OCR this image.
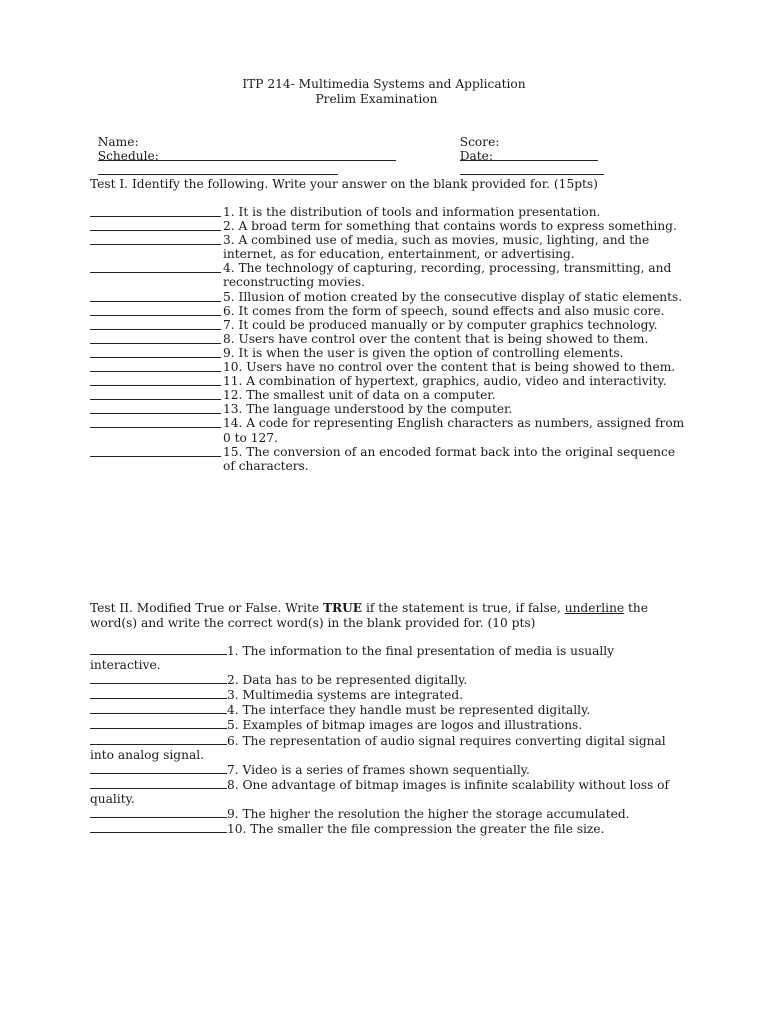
ITP 214- Multimedia Systems and Application
Prelim Examination

Name:
	Score:

Schedule:
	Date:

Test I. Identify the following. Write your answer on the blank provided for. (15pts)
1. It is the distribution of tools and information presentation.
2. A broad term for something that contains words to express something.
3. A combined use of media, such as movies, music, lighting, and the internet, as for education, entertainment, or advertising.
4. The technology of capturing, recording, processing, transmitting, and reconstructing movies.
5. Illusion of motion created by the consecutive display of static elements.
6. It comes from the form of speech, sound effects and also music core.
7. It could be produced manually or by computer graphics technology.
8. Users have control over the content that is being showed to them.
9. It is when the user is given the option of controlling elements.
10. Users have no control over the content that is being showed to them.
11. A combination of hypertext, graphics, audio, video and interactivity.
12. The smallest unit of data on a computer.
13. The language understood by the computer.
14. A code for representing English characters as numbers, assigned from 0 to 127.
15. The conversion of an encoded format back into the original sequence of characters.
Test II. Modified True or False. Write TRUE if the statement is true, if false, underline the word(s) and write the correct word(s) in the blank provided for. (10 pts)
1. The information to the final presentation of media is usually interactive.
2. Data has to be represented digitally.
3. Multimedia systems are integrated.
4. The interface they handle must be represented digitally.
5. Examples of bitmap images are logos and illustrations.
6. The representation of audio signal requires converting digital signal into analog signal.
7. Video is a series of frames shown sequentially.
8. One advantage of bitmap images is infinite scalability without loss of quality.
9. The higher the resolution the higher the storage accumulated.
10. The smaller the file compression the greater the file size.
